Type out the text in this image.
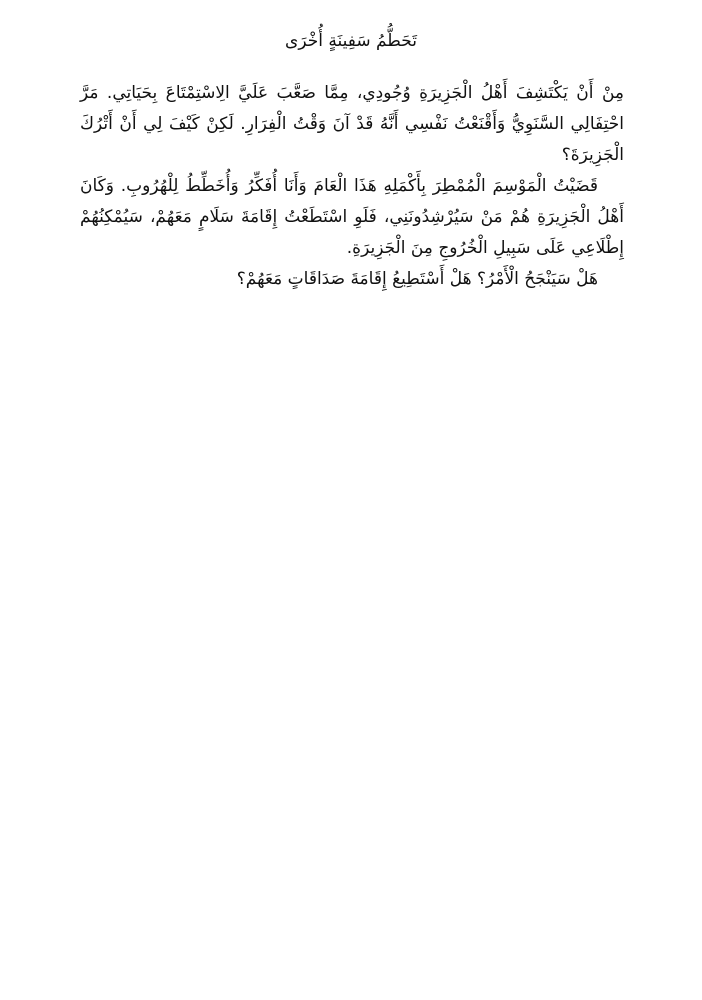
تَحَطُّمُ سَفِينَةٍ أُخْرَى

مِنْ أَنْ يَكْتَشِفَ أَهْلُ الْجَزِيرَةِ وُجُودِي، مِمَّا صَعَّبَ عَلَيَّ الِاسْتِمْتَاعَ بِحَيَاتِي. مَرَّ احْتِفَالِي السَّنَوِيُّ وَأَقْنَعْتُ نَفْسِي أَنَّهُ قَدْ آنَ وَقْتُ الْفِرَارِ. لَكِنْ كَيْفَ لِي أَنْ أَتْرُكَ الْجَزِيرَةَ؟

قَضَيْتُ الْمَوْسِمَ الْمُمْطِرَ بِأَكْمَلِهِ هَذَا الْعَامَ وَأَنَا أُفَكِّرُ وَأُخَطِّطُ لِلْهُرُوبِ. وَكَانَ أَهْلُ الْجَزِيرَةِ هُمْ مَنْ سَيُرْشِدُونَنِي، فَلَوِ اسْتَطَعْتُ إِقَامَةَ سَلَامٍ مَعَهُمْ، سَيُمْكِنُهُمْ إِطْلَاعِي عَلَى سَبِيلِ الْخُرُوجِ مِنَ الْجَزِيرَةِ.

هَلْ سَيَنْجَحُ الْأَمْرُ؟ هَلْ أَسْتَطِيعُ إِقَامَةَ صَدَاقَاتٍ مَعَهُمْ؟
